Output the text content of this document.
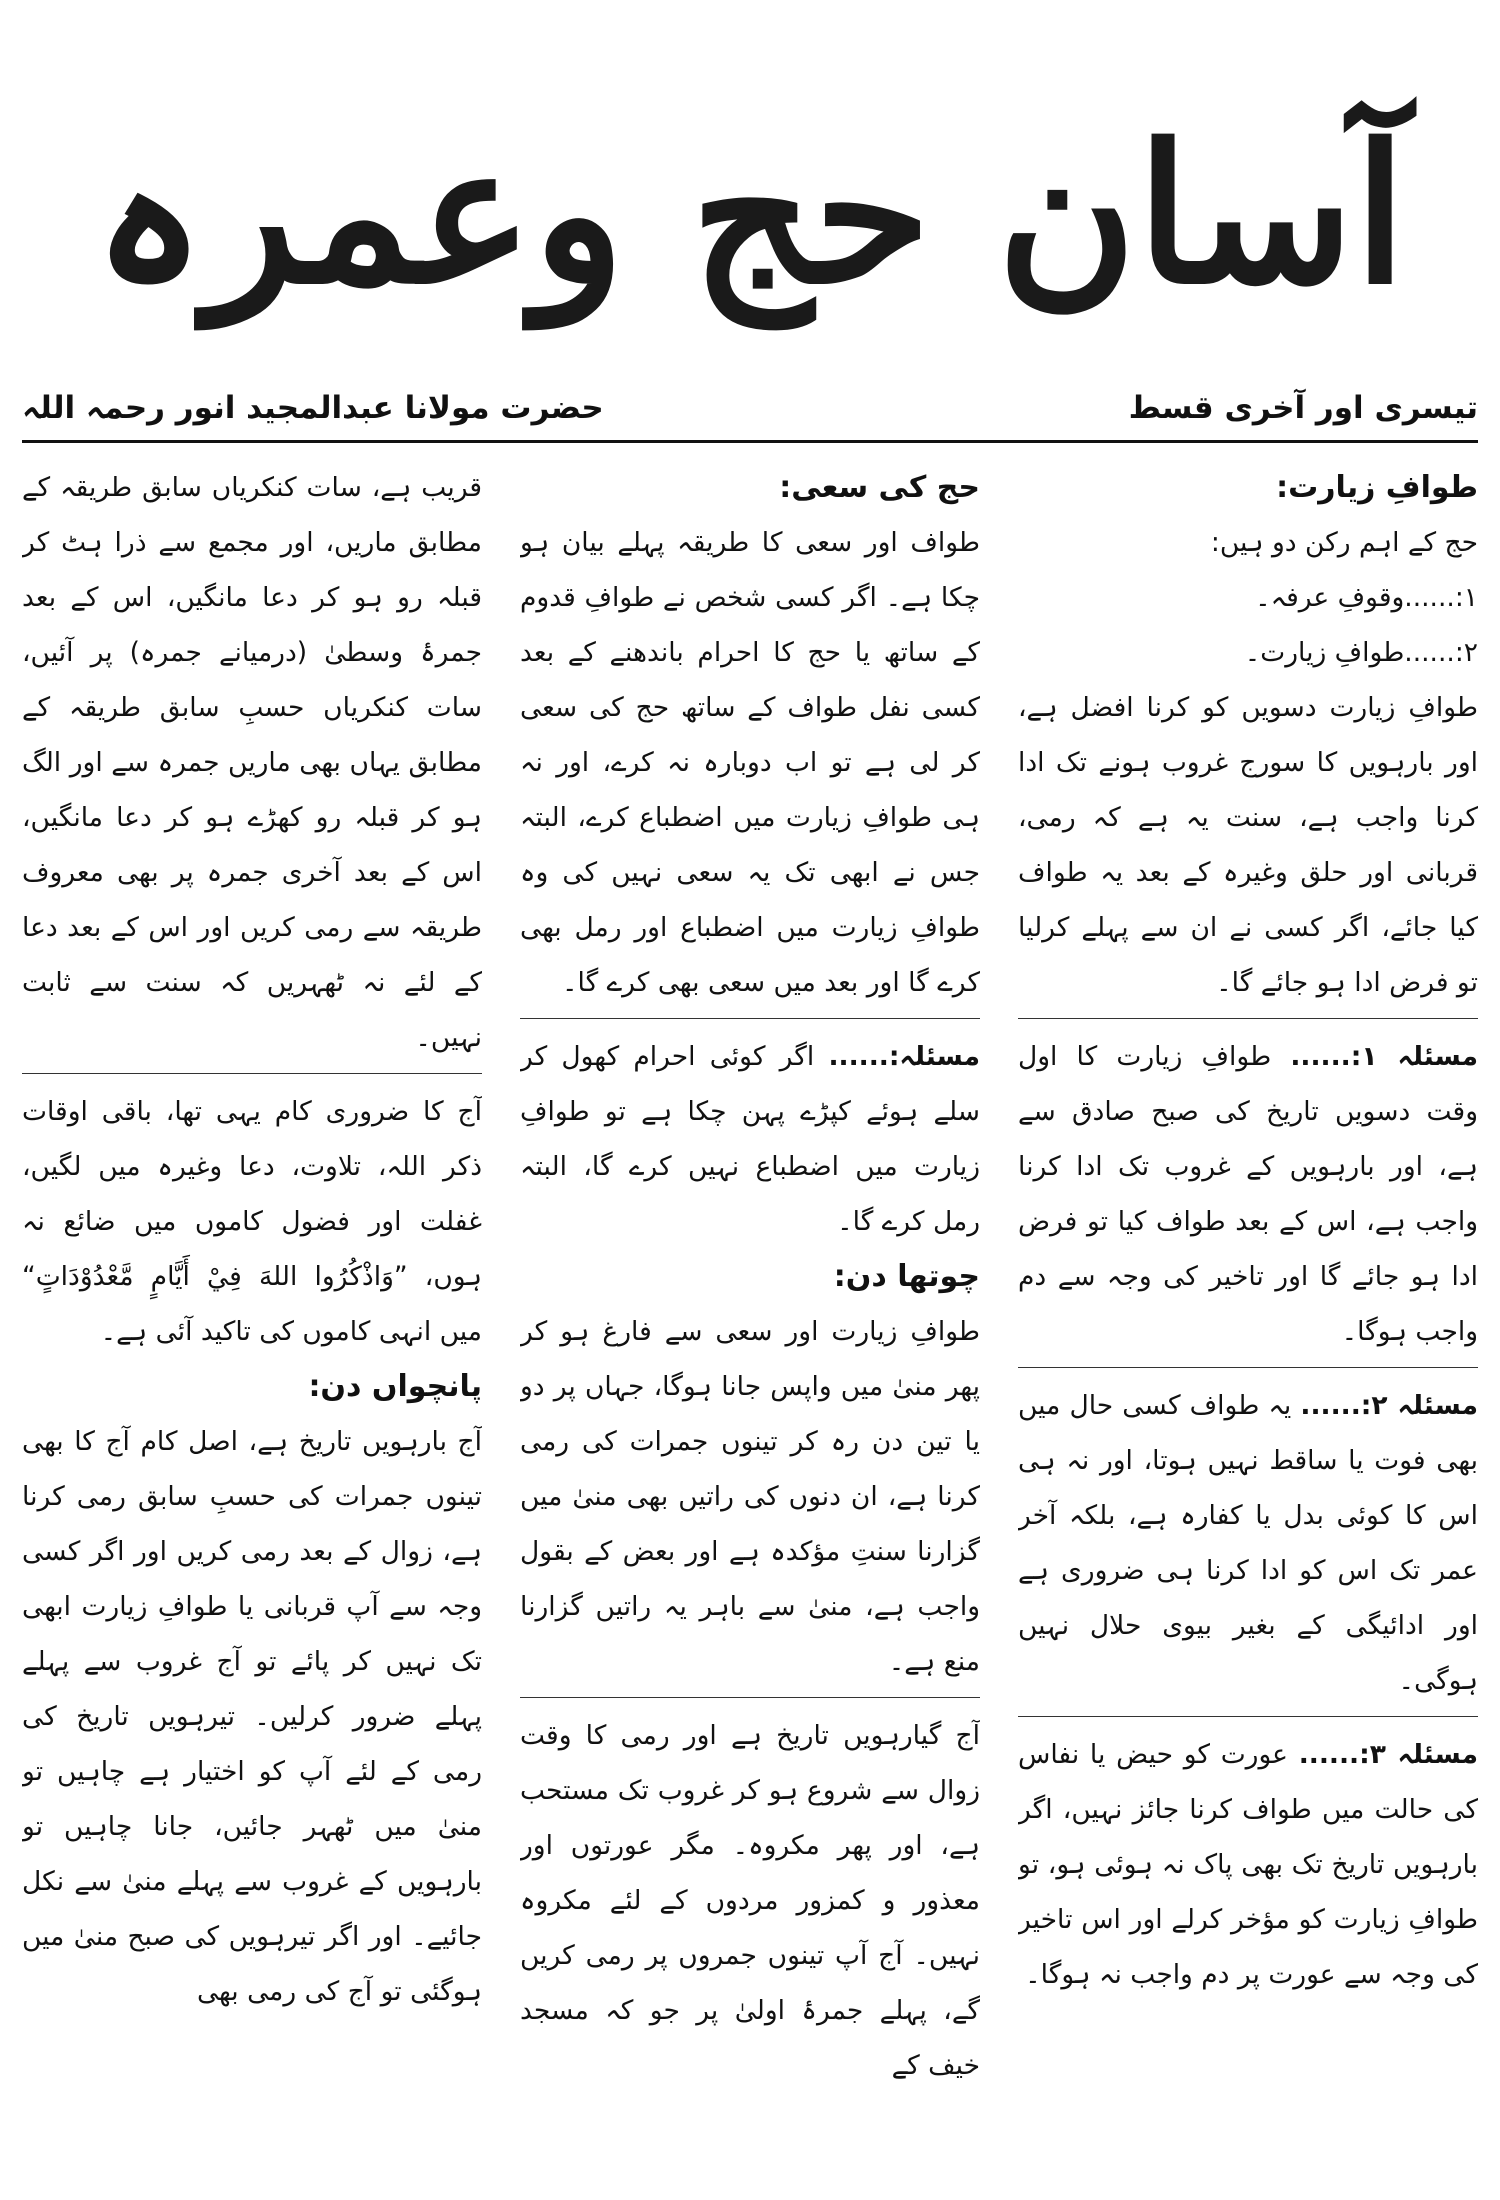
آسان حج وعمرہ
تیسری اور آخری قسط
حضرت مولانا عبدالمجید انور رحمہ اللہ

طوافِ زیارت:

حج کے اہم رکن دو ہیں:

۱:......وقوفِ عرفہ۔

۲:......طوافِ زیارت۔

طوافِ زیارت دسویں کو کرنا افضل ہے، اور بارہویں کا سورج غروب ہونے تک ادا کرنا واجب ہے، سنت یہ ہے کہ رمی، قربانی اور حلق وغیرہ کے بعد یہ طواف کیا جائے، اگر کسی نے ان سے پہلے کرلیا تو فرض ادا ہو جائے گا۔

مسئلہ ۱:...... طوافِ زیارت کا اول وقت دسویں تاریخ کی صبح صادق سے ہے، اور بارہویں کے غروب تک ادا کرنا واجب ہے، اس کے بعد طواف کیا تو فرض ادا ہو جائے گا اور تاخیر کی وجہ سے دم واجب ہوگا۔

مسئلہ ۲:...... یہ طواف کسی حال میں بھی فوت یا ساقط نہیں ہوتا، اور نہ ہی اس کا کوئی بدل یا کفارہ ہے، بلکہ آخر عمر تک اس کو ادا کرنا ہی ضروری ہے اور ادائیگی کے بغیر بیوی حلال نہیں ہوگی۔

مسئلہ ۳:...... عورت کو حیض یا نفاس کی حالت میں طواف کرنا جائز نہیں، اگر بارہویں تاریخ تک بھی پاک نہ ہوئی ہو، تو طوافِ زیارت کو مؤخر کرلے اور اس تاخیر کی وجہ سے عورت پر دم واجب نہ ہوگا۔

حج کی سعی:

طواف اور سعی کا طریقہ پہلے بیان ہو چکا ہے۔ اگر کسی شخص نے طوافِ قدوم کے ساتھ یا حج کا احرام باندھنے کے بعد کسی نفل طواف کے ساتھ حج کی سعی کر لی ہے تو اب دوبارہ نہ کرے، اور نہ ہی طوافِ زیارت میں اضطباع کرے، البتہ جس نے ابھی تک یہ سعی نہیں کی وہ طوافِ زیارت میں اضطباع اور رمل بھی کرے گا اور بعد میں سعی بھی کرے گا۔

مسئلہ:...... اگر کوئی احرام کھول کر سلے ہوئے کپڑے پہن چکا ہے تو طوافِ زیارت میں اضطباع نہیں کرے گا، البتہ رمل کرے گا۔

چوتھا دن:

طوافِ زیارت اور سعی سے فارغ ہو کر پھر منیٰ میں واپس جانا ہوگا، جہاں پر دو یا تین دن رہ کر تینوں جمرات کی رمی کرنا ہے، ان دنوں کی راتیں بھی منیٰ میں گزارنا سنتِ مؤکدہ ہے اور بعض کے بقول واجب ہے، منیٰ سے باہر یہ راتیں گزارنا منع ہے۔

آج گیارہویں تاریخ ہے اور رمی کا وقت زوال سے شروع ہو کر غروب تک مستحب ہے، اور پھر مکروہ۔ مگر عورتوں اور معذور و کمزور مردوں کے لئے مکروہ نہیں۔ آج آپ تینوں جمروں پر رمی کریں گے، پہلے جمرۂ اولیٰ پر جو کہ مسجد خیف کے

قریب ہے، سات کنکریاں سابق طریقہ کے مطابق ماریں، اور مجمع سے ذرا ہٹ کر قبلہ رو ہو کر دعا مانگیں، اس کے بعد جمرۂ وسطیٰ (درمیانے جمرہ) پر آئیں، سات کنکریاں حسبِ سابق طریقہ کے مطابق یہاں بھی ماریں جمرہ سے اور الگ ہو کر قبلہ رو کھڑے ہو کر دعا مانگیں، اس کے بعد آخری جمرہ پر بھی معروف طریقہ سے رمی کریں اور اس کے بعد دعا کے لئے نہ ٹھہریں کہ سنت سے ثابت نہیں۔

آج کا ضروری کام یہی تھا، باقی اوقات ذکر اللہ، تلاوت، دعا وغیرہ میں لگیں، غفلت اور فضول کاموں میں ضائع نہ ہوں، ”وَاذْكُرُوا اللهَ فِيْ أَيَّامٍ مَّعْدُوْدَاتٍ“ میں انہی کاموں کی تاکید آئی ہے۔

پانچواں دن:

آج بارہویں تاریخ ہے، اصل کام آج کا بھی تینوں جمرات کی حسبِ سابق رمی کرنا ہے، زوال کے بعد رمی کریں اور اگر کسی وجہ سے آپ قربانی یا طوافِ زیارت ابھی تک نہیں کر پائے تو آج غروب سے پہلے پہلے ضرور کرلیں۔ تیرہویں تاریخ کی رمی کے لئے آپ کو اختیار ہے چاہیں تو منیٰ میں ٹھہر جائیں، جانا چاہیں تو بارہویں کے غروب سے پہلے منیٰ سے نکل جائیے۔ اور اگر تیرہویں کی صبح منیٰ میں ہوگئی تو آج کی رمی بھی
